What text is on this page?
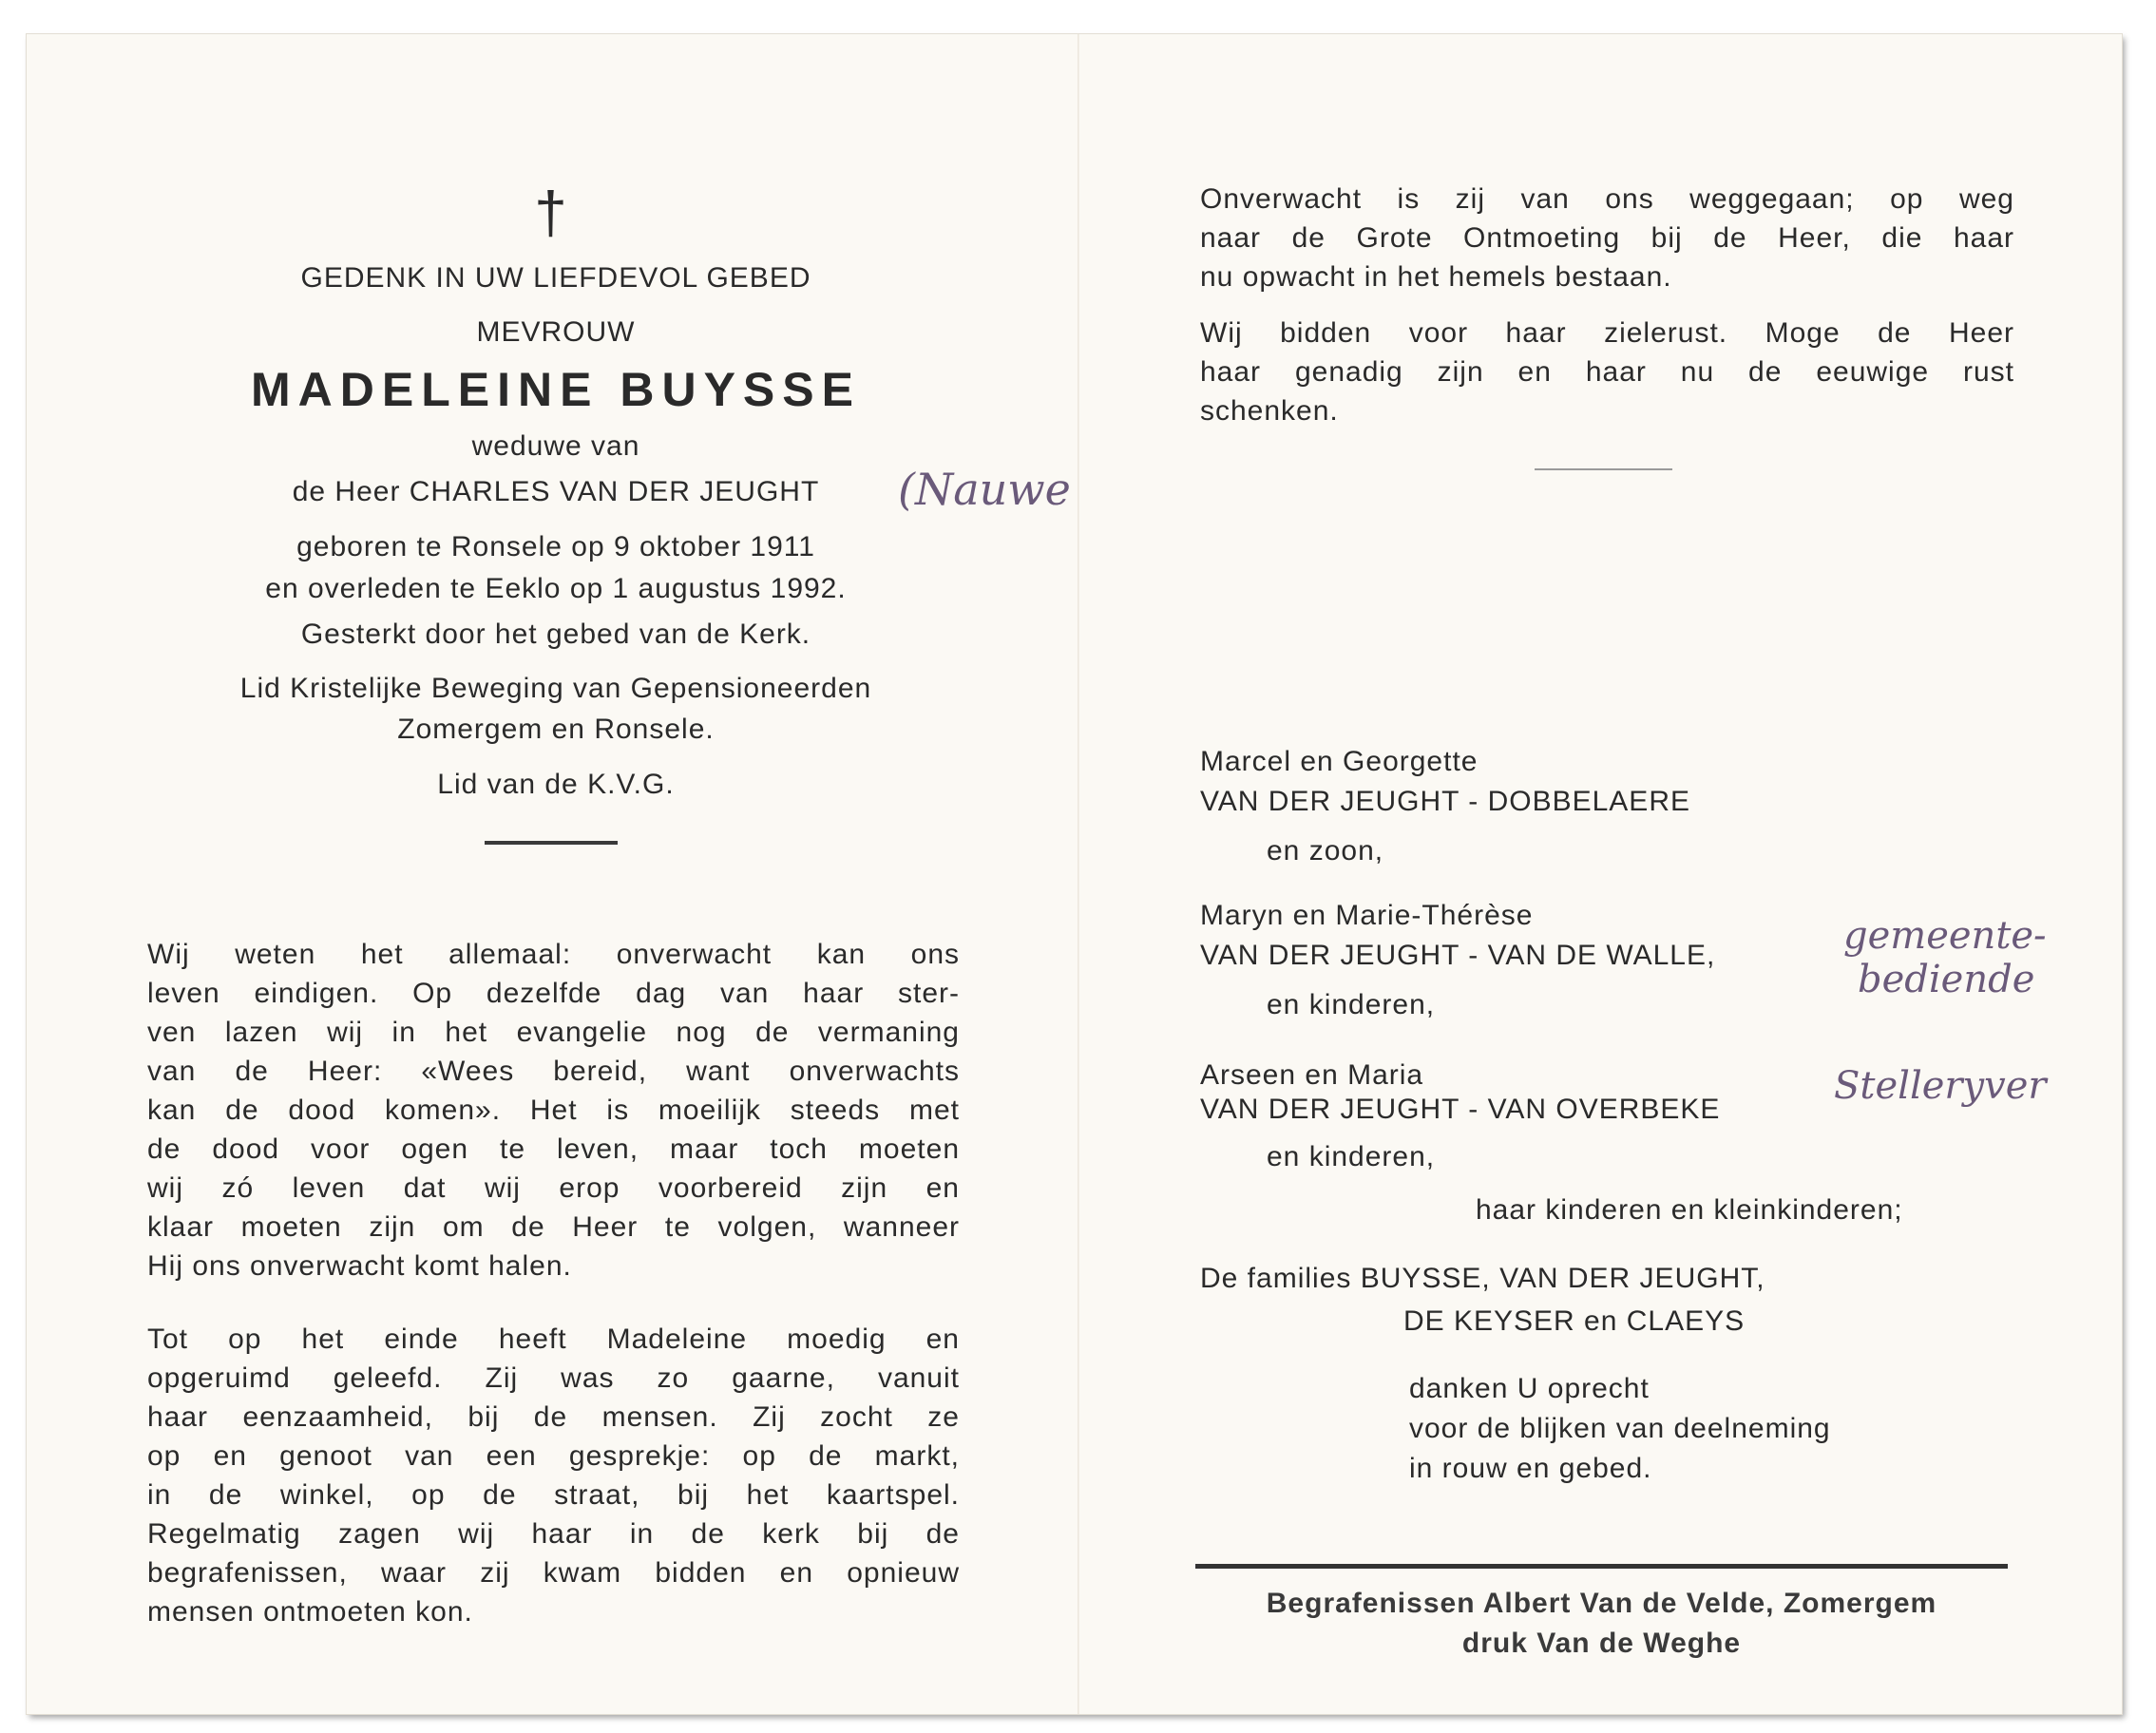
†
GEDENK IN UW LIEFDEVOL GEBED
MEVROUW
MADELEINE BUYSSE
weduwe van
de Heer CHARLES VAN DER JEUGHT
geboren te Ronsele op 9 oktober 1911
en overleden te Eeklo op 1 augustus 1992.
Gesterkt door het gebed van de Kerk.
Lid Kristelijke Beweging van Gepensioneerden
Zomergem en Ronsele.
Lid van de K.V.G.
Wij weten het allemaal: onverwacht kan ons
leven eindigen. Op dezelfde dag van haar ster-
ven lazen wij in het evangelie nog de vermaning
van de Heer: «Wees bereid, want onverwachts
kan de dood komen». Het is moeilijk steeds met
de dood voor ogen te leven, maar toch moeten
wij zó leven dat wij erop voorbereid zijn en
klaar moeten zijn om de Heer te volgen, wanneer
Hij ons onverwacht komt halen.
Tot op het einde heeft Madeleine moedig en
opgeruimd geleefd. Zij was zo gaarne, vanuit
haar eenzaamheid, bij de mensen. Zij zocht ze
op en genoot van een gesprekje: op de markt,
in de winkel, op de straat, bij het kaartspel.
Regelmatig zagen wij haar in de kerk bij de
begrafenissen, waar zij kwam bidden en opnieuw
mensen ontmoeten kon.
Onverwacht is zij van ons weggegaan; op weg
naar de Grote Ontmoeting bij de Heer, die haar
nu opwacht in het hemels bestaan.
Wij bidden voor haar zielerust. Moge de Heer
haar genadig zijn en haar nu de eeuwige rust
schenken.
Marcel en Georgette
VAN DER JEUGHT - DOBBELAERE
en zoon,
Maryn en Marie-Thérèse
VAN DER JEUGHT - VAN DE WALLE,
en kinderen,
Arseen en Maria
VAN DER JEUGHT - VAN OVERBEKE
en kinderen,
haar kinderen en kleinkinderen;
De families BUYSSE, VAN DER JEUGHT,
DE KEYSER en CLAEYS
danken U oprecht
voor de blijken van deelneming
in rouw en gebed.
Begrafenissen Albert Van de Velde, Zomergem
druk Van de Weghe
(Nauwe
gemeente-
bediende
Stelleryver
